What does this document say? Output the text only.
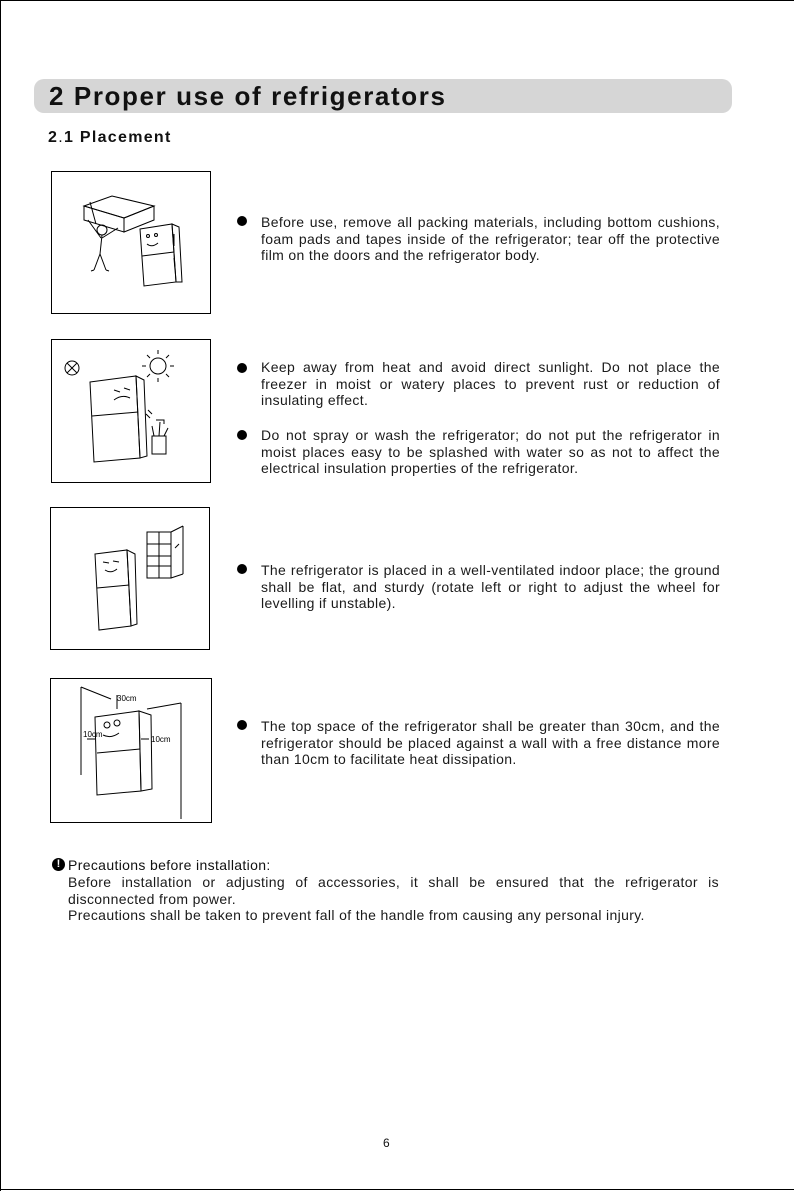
2 Proper use of refrigerators
2.1 Placement
Before use, remove all packing materials, including bottom cushions, foam pads and tapes inside of the refrigerator; tear off the protective film on the doors and the refrigerator body.
Keep away from heat and avoid direct sunlight. Do not place the freezer in moist or watery places to prevent rust or reduction of insulating effect.
Do not spray or wash the refrigerator; do not put the refrigerator in moist places easy to be splashed with water so as not to affect the electrical insulation properties of the refrigerator.
The refrigerator is placed in a well-ventilated indoor place; the ground shall be flat, and sturdy (rotate left or right to adjust the wheel for levelling if unstable).
30cm
10cm
10cm
The top space of the refrigerator shall be greater than 30cm, and the refrigerator should be placed against a wall with a free distance more than 10cm to facilitate heat dissipation.
! Precautions before installation:

Before installation or adjusting of accessories, it shall be ensured that the refrigerator is disconnected from power.

Precautions shall be taken to prevent fall of the handle from causing any personal injury.

6
